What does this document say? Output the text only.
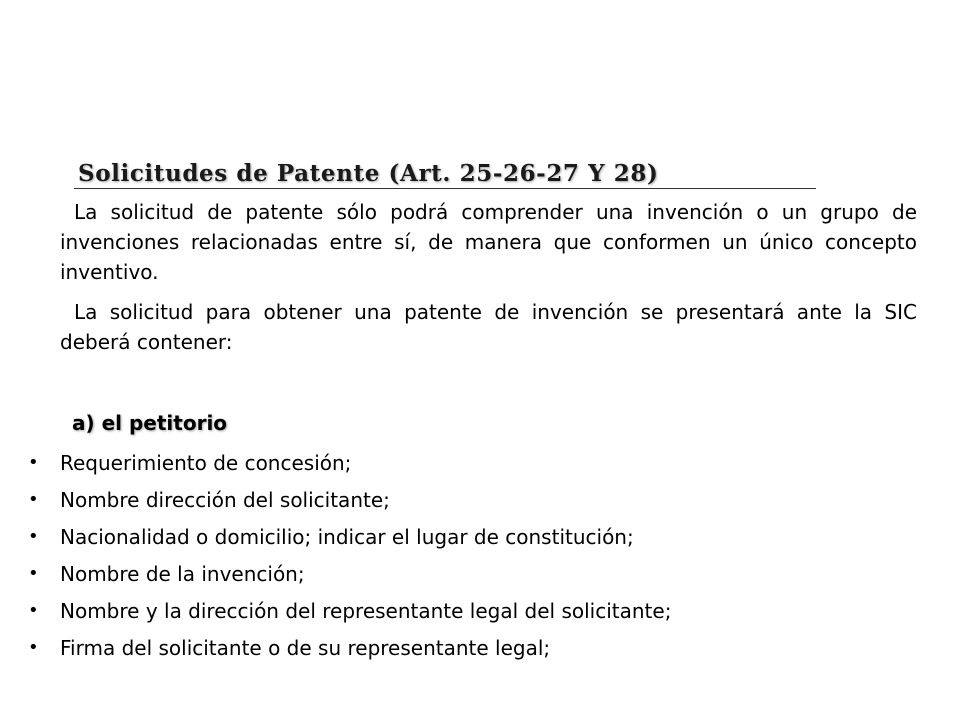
Solicitudes de Patente (Art. 25-26-27 Y 28)

La solicitud de patente sólo podrá comprender una invención o un grupo de invenciones relacionadas entre sí, de manera que conformen un único concepto inventivo.

La solicitud para obtener una patente de invención se presentará ante la SIC deberá contener:

a) el petitorio
• Requerimiento de concesión;
• Nombre dirección del solicitante;
• Nacionalidad o domicilio; indicar el lugar de constitución;
• Nombre de la invención;
• Nombre y la dirección del representante legal del solicitante;
• Firma del solicitante o de su representante legal;
